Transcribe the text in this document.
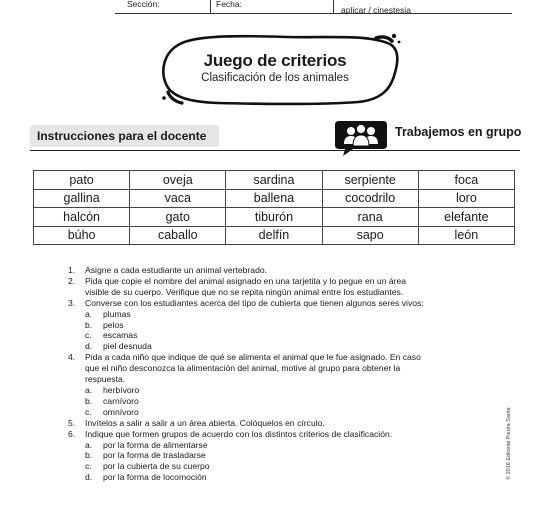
Sección:	Fecha:
aplicar / cinestesia
Juego de criterios
Clasificación de los animales
Instrucciones para el docente	Trabajemos en grupo
pato	oveja	sardina	serpiente	foca
gallina	vaca	ballena	cocodrilo	loro
halcón	gato	tiburón	rana	elefante
búho	caballo	delfín	sapo	león
1. Asigne a cada estudiante un animal vertebrado.
2. Pida que copie el nombre del animal asignado en una tarjetita y lo pegue en un área
visible de su cuerpo. Verifique que no se repita ningún animal entre los estudiantes.
3. Converse con los estudiantes acerca del tipo de cubierta que tienen algunos seres vivos:
a. plumas
b. pelos
c. escamas
d. piel desnuda
4. Pida a cada niño que indique de qué se alimenta el animal que le fue asignado. En caso
que el niño desconozca la alimentación del animal, motive al grupo para obtener la
respuesta.
a. herbívoro
b. carnívoro
c. omnívoro
5. Invítelos a salir a salir a un área abierta. Colóquelos en círculo.
6. Indique que formen grupos de acuerdo con los distintos criterios de clasificación.
a. por la forma de alimentarse
b. por la forma de trasladarse
c. por la cubierta de su cuerpo
d. por la forma de locomoción	© 2016 Editorial Piedra Santa
